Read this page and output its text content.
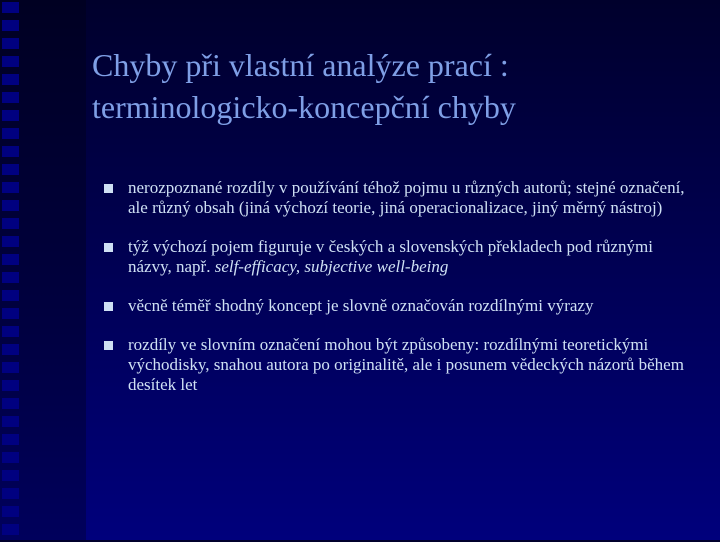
Chyby při vlastní analýze prací :
terminologicko-koncepční chyby
nerozpoznané rozdíly v používání téhož pojmu u různých autorů; stejné označení, ale různý obsah (jiná výchozí teorie, jiná operacionalizace, jiný měrný nástroj)
týž výchozí pojem figuruje v českých a slovenských překladech pod různými názvy, např. self-efficacy, subjective well-being
věcně téměř shodný koncept je slovně označován rozdílnými výrazy
rozdíly ve slovním označení mohou být způsobeny: rozdílnými teoretickými východisky, snahou autora po originalitě, ale i posunem vědeckých názorů během desítek let
